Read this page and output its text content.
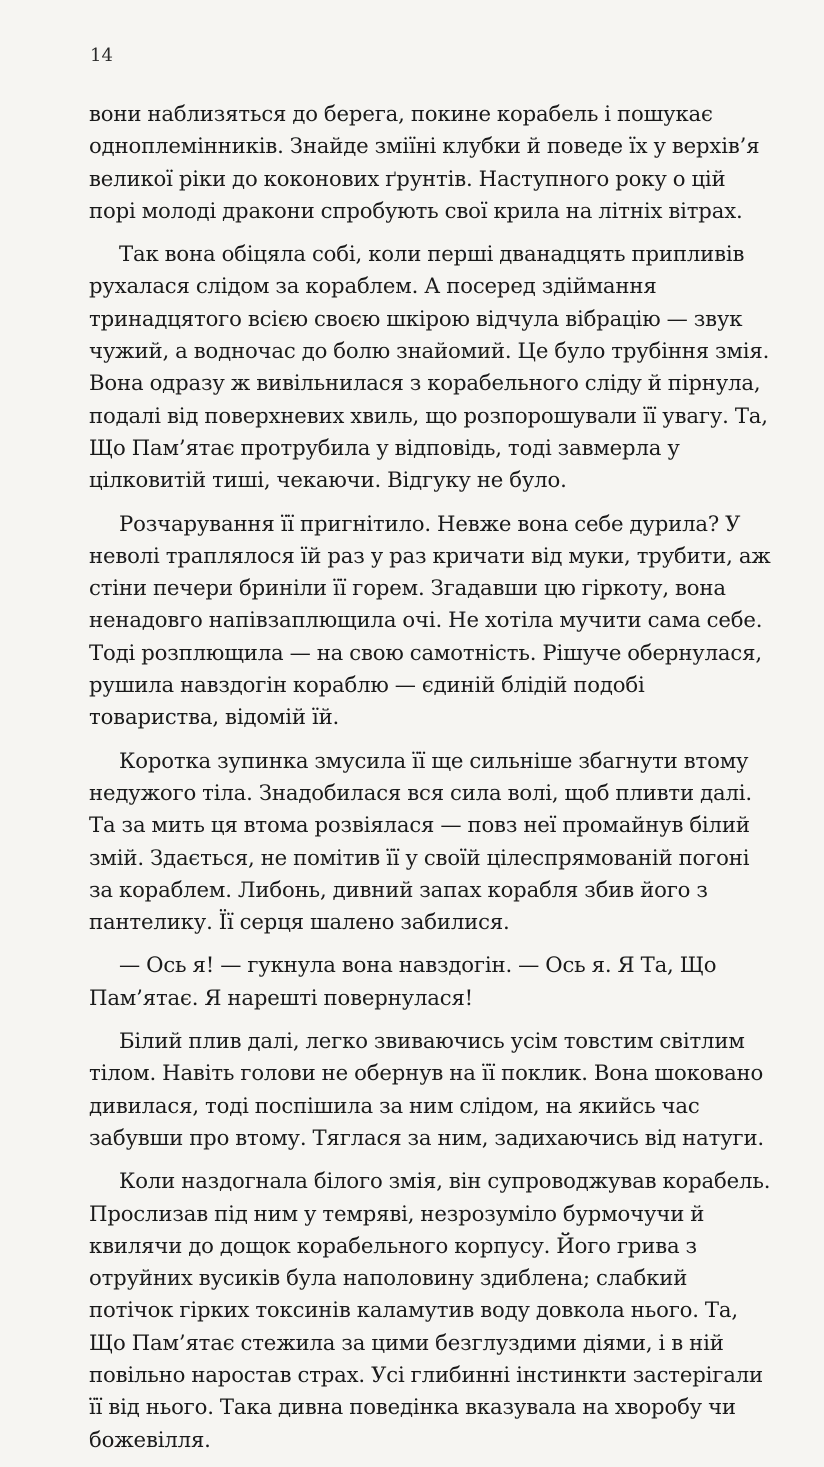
14

вони наблизяться до берега, покине корабель і пошукає одноплемінників. Знайде зміїні клубки й поведе їх у верхів’я великої ріки до коконових ґрунтів. Наступного року о цій порі молоді дракони спробують свої крила на літніх вітрах.

Так вона обіцяла собі, коли перші дванадцять припливів рухалася слідом за кораблем. А посеред здіймання тринадцятого всією своєю шкірою відчула вібрацію — звук чужий, а водночас до болю знайомий. Це було трубіння змія. Вона одразу ж вивільнилася з корабельного сліду й пірнула, подалі від поверхневих хвиль, що розпорошували її увагу. Та, Що Пам’ятає протрубила у відповідь, тоді завмерла у цілковитій тиші, чекаючи. Відгуку не було.

Розчарування її пригнітило. Невже вона себе дурила? У неволі траплялося їй раз у раз кричати від муки, трубити, аж стіни печери бриніли її горем. Згадавши цю гіркоту, вона ненадовго напівзаплющила очі. Не хотіла мучити сама себе. Тоді розплющила — на свою самотність. Рішуче обернулася, рушила навздогін кораблю — єдиній блідій подобі товариства, відомій їй.

Коротка зупинка змусила її ще сильніше збагнути втому недужого тіла. Знадобилася вся сила волі, щоб пливти далі. Та за мить ця втома розвіялася — повз неї промайнув білий змій. Здається, не помітив її у своїй цілеспрямованій погоні за кораблем. Либонь, дивний запах корабля збив його з пантелику. Її серця шалено забилися.

— Ось я! — гукнула вона навздогін. — Ось я. Я Та, Що Пам’ятає. Я нарешті повернулася!

Білий плив далі, легко звиваючись усім товстим світлим тілом. Навіть голови не обернув на її поклик. Вона шоковано дивилася, тоді поспішила за ним слідом, на якийсь час забувши про втому. Тяглася за ним, задихаючись від натуги.

Коли наздогнала білого змія, він супроводжував корабель. Прослизав під ним у темряві, незрозуміло бурмочучи й квилячи до дощок корабельного корпусу. Його грива з отруйних вусиків була наполовину здиблена; слабкий потічок гірких токсинів каламутив воду довкола нього. Та, Що Пам’ятає стежила за цими безглуздими діями, і в ній повільно наростав страх. Усі глибинні інстинкти застерігали її від нього. Така дивна поведінка вказувала на хворобу чи божевілля.
